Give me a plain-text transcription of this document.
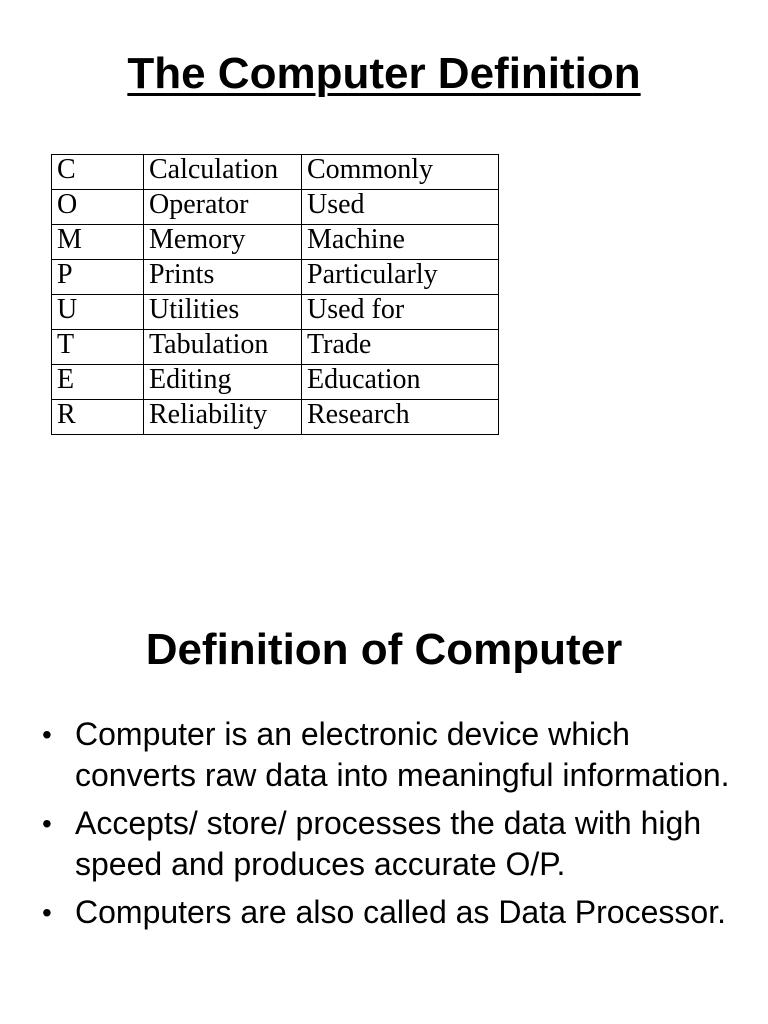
The Computer Definition
C	Calculation	Commonly
O	Operator	Used
M	Memory	Machine
P	Prints	Particularly
U	Utilities	Used for
T	Tabulation	Trade
E	Editing	Education
R	Reliability	Research
Definition of Computer
• Computer is an electronic device which converts raw data into meaningful information.
• Accepts/ store/ processes the data with high speed and produces accurate O/P.
• Computers are also called as Data Processor.
